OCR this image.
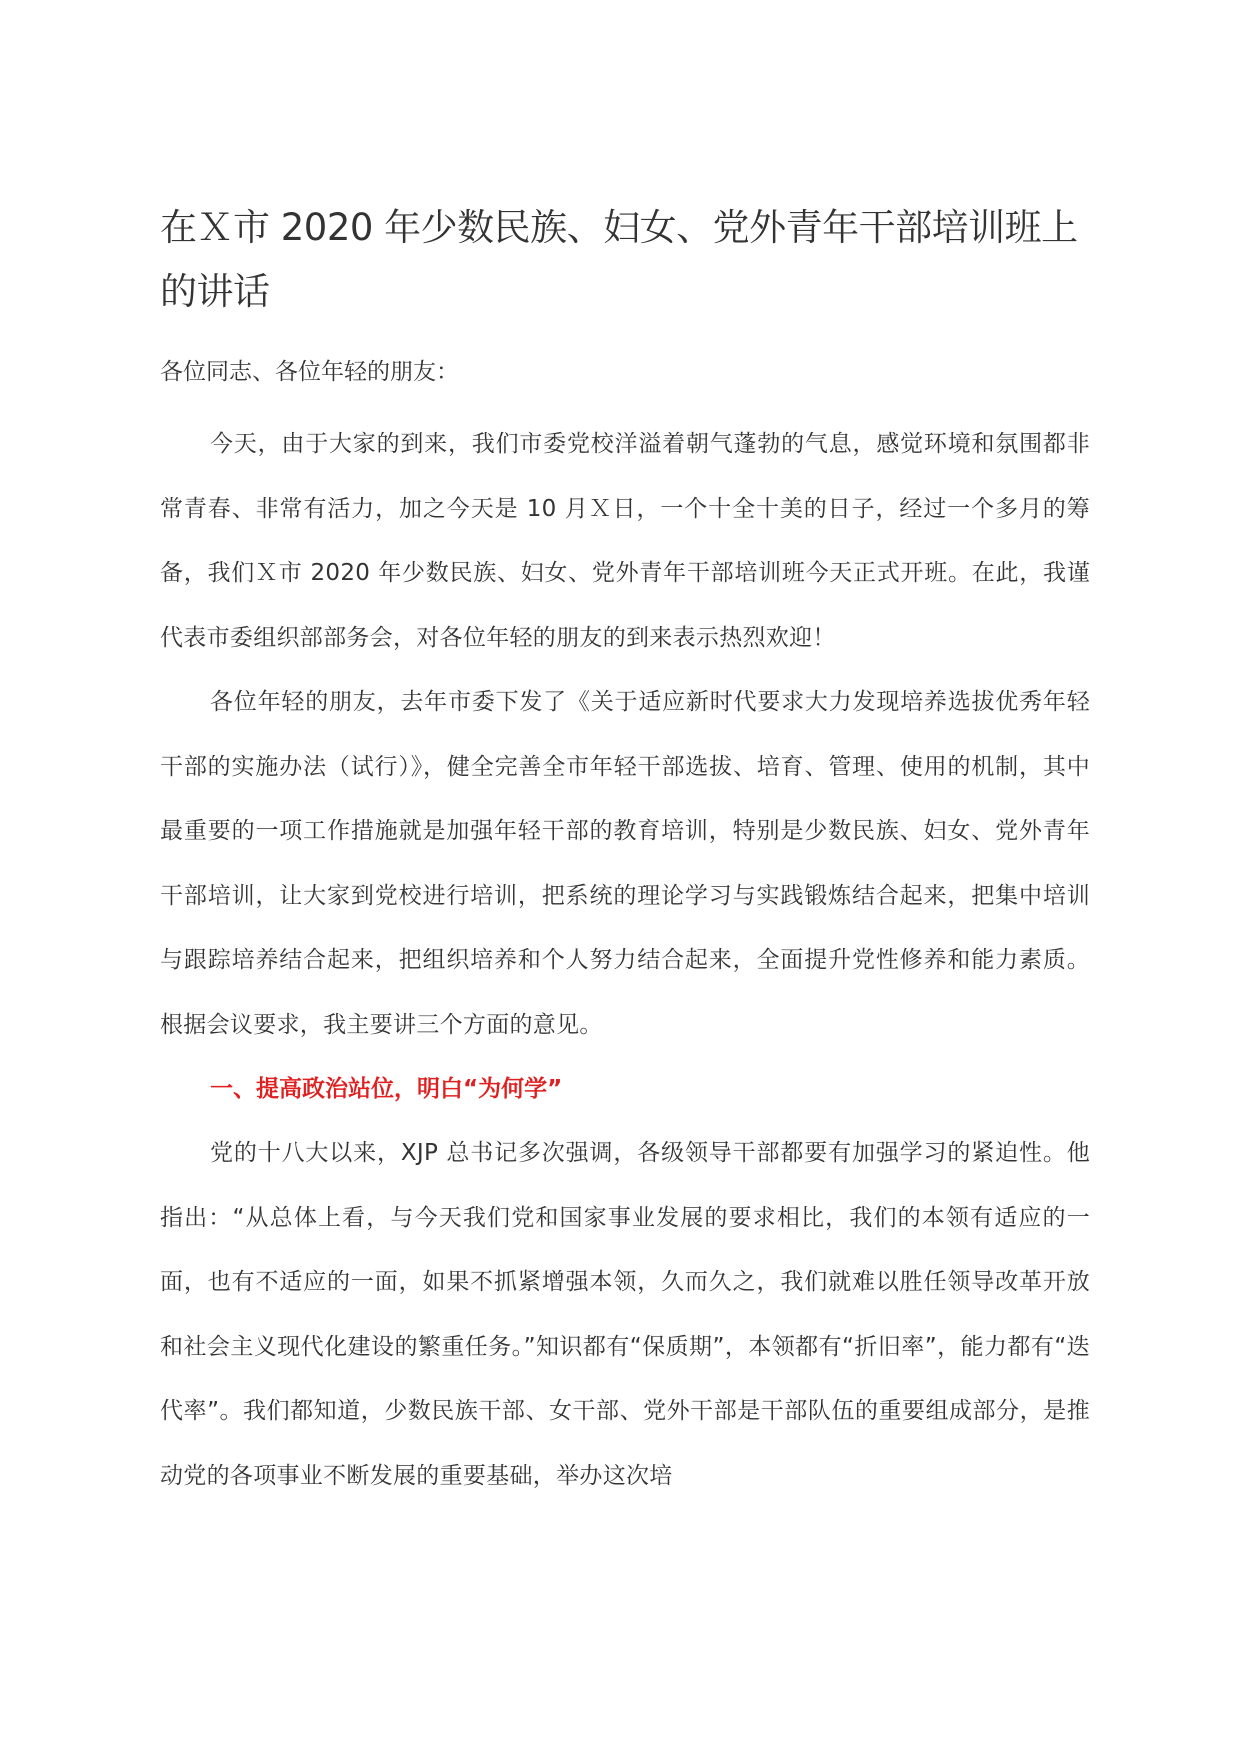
在Ｘ市 2020 年少数民族、妇女、党外青年干部培训班上的讲话

各位同志、各位年轻的朋友：

今天，由于大家的到来，我们市委党校洋溢着朝气蓬勃的气息，感觉环境和氛围都非常青春、非常有活力，加之今天是 10 月Ｘ日，一个十全十美的日子，经过一个多月的筹备，我们Ｘ市 2020 年少数民族、妇女、党外青年干部培训班今天正式开班。在此，我谨代表市委组织部部务会，对各位年轻的朋友的到来表示热烈欢迎！

各位年轻的朋友，去年市委下发了《关于适应新时代要求大力发现培养选拔优秀年轻干部的实施办法（试行）》，健全完善全市年轻干部选拔、培育、管理、使用的机制，其中最重要的一项工作措施就是加强年轻干部的教育培训，特别是少数民族、妇女、党外青年干部培训，让大家到党校进行培训，把系统的理论学习与实践锻炼结合起来，把集中培训与跟踪培养结合起来，把组织培养和个人努力结合起来，全面提升党性修养和能力素质。根据会议要求，我主要讲三个方面的意见。

一、提高政治站位，明白“为何学”

党的十八大以来，XJP 总书记多次强调，各级领导干部都要有加强学习的紧迫性。他指出：“从总体上看，与今天我们党和国家事业发展的要求相比，我们的本领有适应的一面，也有不适应的一面，如果不抓紧增强本领，久而久之，我们就难以胜任领导改革开放和社会主义现代化建设的繁重任务。”知识都有“保质期”，本领都有“折旧率”，能力都有“迭代率”。我们都知道，少数民族干部、女干部、党外干部是干部队伍的重要组成部分，是推动党的各项事业不断发展的重要基础，举办这次培
